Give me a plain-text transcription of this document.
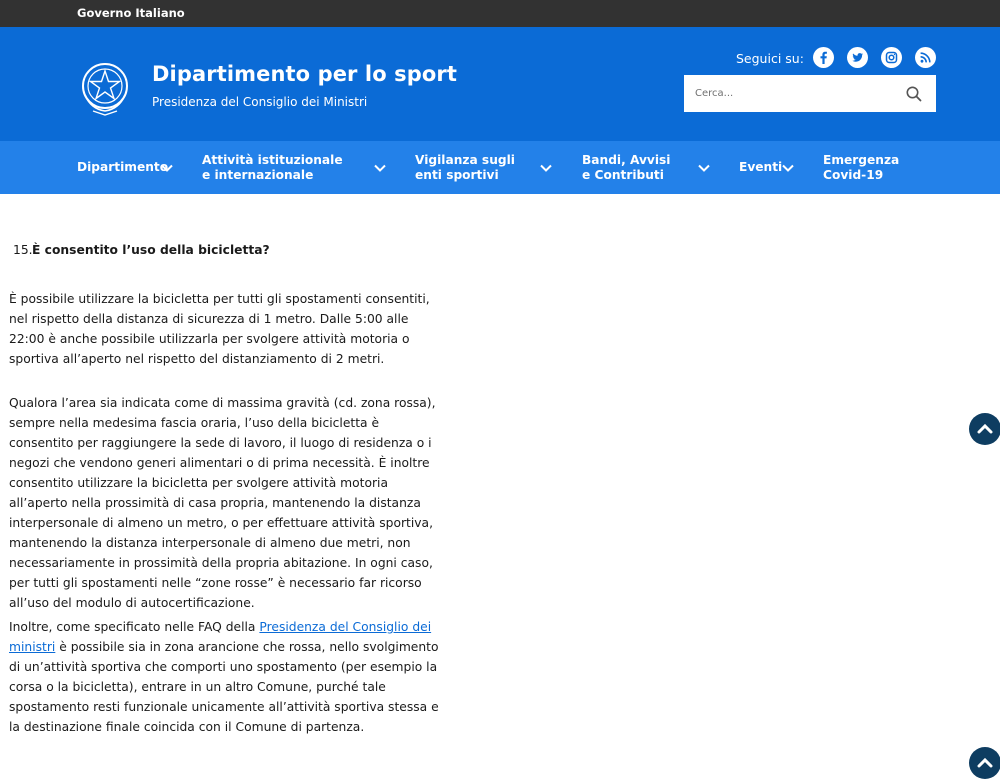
Governo Italiano
Dipartimento per lo sport
Presidenza del Consiglio dei Ministri
Seguici su:
Cerca...
Dipartimento
Attività istituzionale e internazionale
Vigilanza sugli enti sportivi
Bandi, Avvisi e Contributi
Eventi
Emergenza Covid-19
15. È consentito l’uso della bicicletta?

È possibile utilizzare la bicicletta per tutti gli spostamenti consentiti, nel rispetto della distanza di sicurezza di 1 metro. Dalle 5:00 alle 22:00 è anche possibile utilizzarla per svolgere attività motoria o sportiva all’aperto nel rispetto del distanziamento di 2 metri.

Qualora l’area sia indicata come di massima gravità (cd. zona rossa), sempre nella medesima fascia oraria, l’uso della bicicletta è consentito per raggiungere la sede di lavoro, il luogo di residenza o i negozi che vendono generi alimentari o di prima necessità. È inoltre consentito utilizzare la bicicletta per svolgere attività motoria all’aperto nella prossimità di casa propria, mantenendo la distanza interpersonale di almeno un metro, o per effettuare attività sportiva, mantenendo la distanza interpersonale di almeno due metri, non necessariamente in prossimità della propria abitazione. In ogni caso, per tutti gli spostamenti nelle “zone rosse” è necessario far ricorso all’uso del modulo di autocertificazione.

Inoltre, come specificato nelle FAQ della Presidenza del Consiglio dei ministri è possibile sia in zona arancione che rossa, nello svolgimento di un’attività sportiva che comporti uno spostamento (per esempio la corsa o la bicicletta), entrare in un altro Comune, purché tale spostamento resti funzionale unicamente all’attività sportiva stessa e la destinazione finale coincida con il Comune di partenza.
